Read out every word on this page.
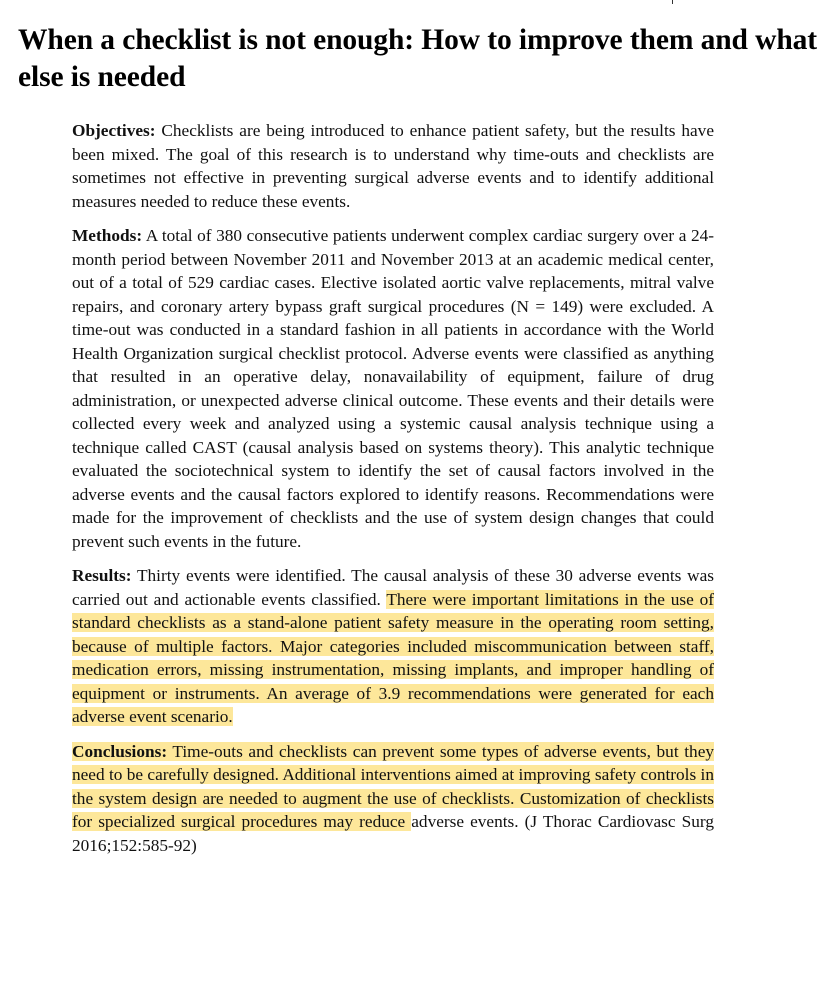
When a checklist is not enough: How to improve them and what else is needed

Objectives: Checklists are being introduced to enhance patient safety, but the results have been mixed. The goal of this research is to understand why time-outs and checklists are sometimes not effective in preventing surgical adverse events and to identify additional measures needed to reduce these events.

Methods: A total of 380 consecutive patients underwent complex cardiac surgery over a 24-month period between November 2011 and November 2013 at an academic medical center, out of a total of 529 cardiac cases. Elective isolated aortic valve replacements, mitral valve repairs, and coronary artery bypass graft surgical procedures (N = 149) were excluded. A time-out was conducted in a standard fashion in all patients in accordance with the World Health Organization surgical checklist protocol. Adverse events were classified as anything that resulted in an operative delay, nonavailability of equipment, failure of drug administration, or unexpected adverse clinical outcome. These events and their details were collected every week and analyzed using a systemic causal analysis technique using a technique called CAST (causal analysis based on systems theory). This analytic technique evaluated the sociotechnical system to identify the set of causal factors involved in the adverse events and the causal factors explored to identify reasons. Recommendations were made for the improvement of checklists and the use of system design changes that could prevent such events in the future.

Results: Thirty events were identified. The causal analysis of these 30 adverse events was carried out and actionable events classified. There were important limitations in the use of standard checklists as a stand-alone patient safety measure in the operating room setting, because of multiple factors. Major categories included miscommunication between staff, medication errors, missing instrumentation, missing implants, and improper handling of equipment or instruments. An average of 3.9 recommendations were generated for each adverse event scenario.

Conclusions: Time-outs and checklists can prevent some types of adverse events, but they need to be carefully designed. Additional interventions aimed at improving safety controls in the system design are needed to augment the use of checklists. Customization of checklists for specialized surgical procedures may reduce adverse events. (J Thorac Cardiovasc Surg 2016;152:585-92)
